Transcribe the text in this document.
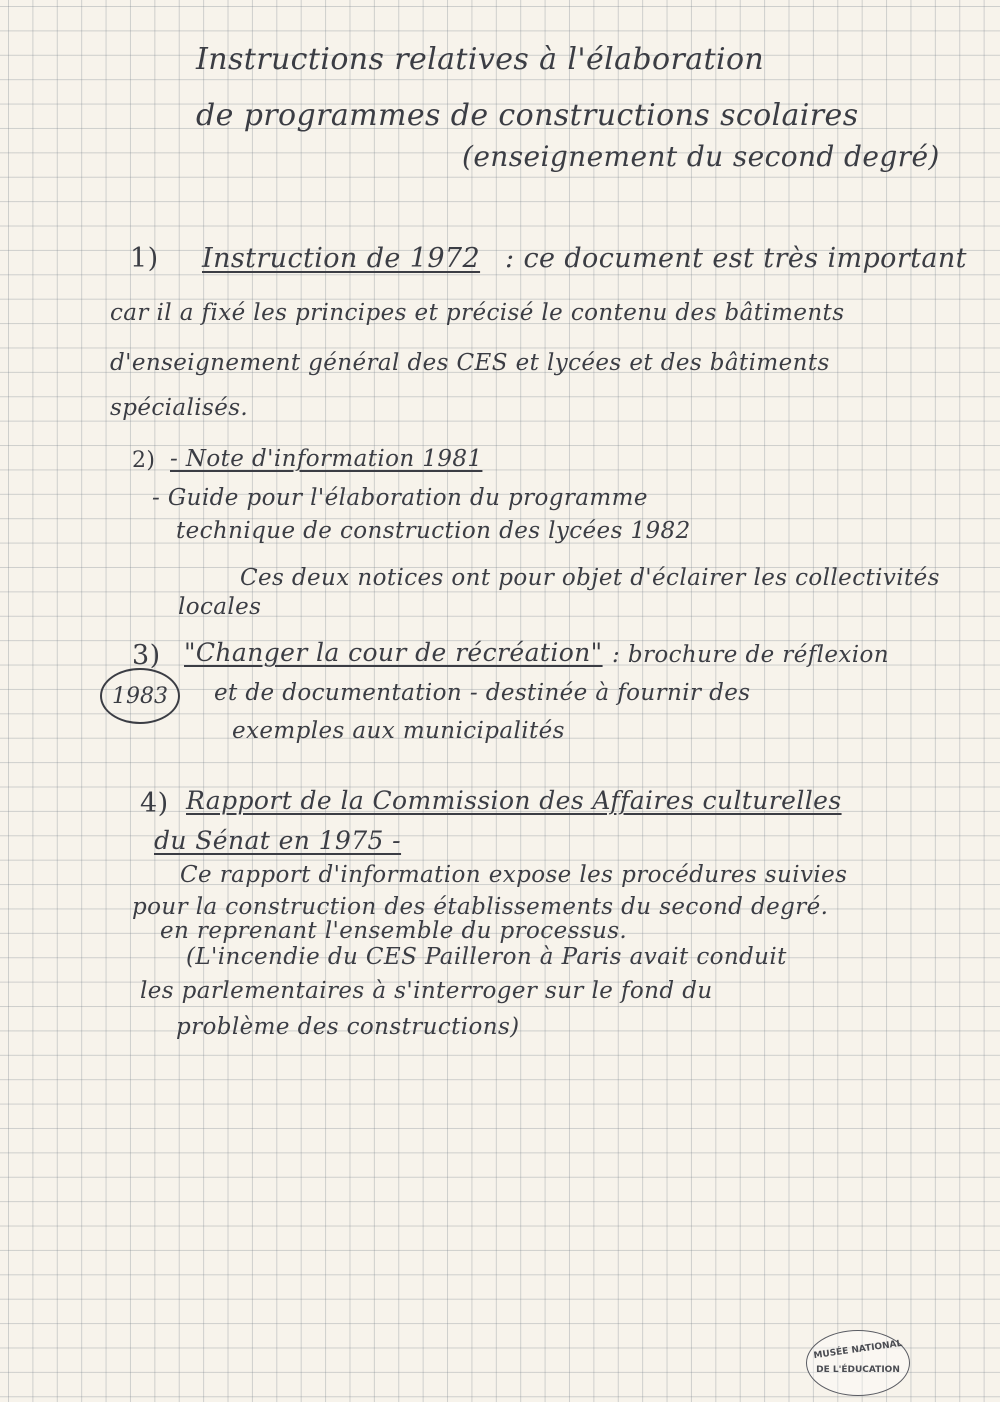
Instructions relatives à l'élaboration
de programmes de constructions scolaires
(enseignement du second degré)
1) Instruction de 1972 : ce document est très important
car il a fixé les principes et précisé le contenu des bâtiments
d'enseignement général des CES et lycées et des bâtiments
spécialisés.
2) - Note d'information 1981
- Guide pour l'élaboration du programme
technique de construction des lycées 1982
Ces deux notices ont pour objet d'éclairer les collectivités
locales
3)
1983
"Changer la cour de récréation" : brochure de réflexion
et de documentation - destinée à fournir des
exemples aux municipalités
4) Rapport de la Commission des Affaires culturelles
du Sénat en 1975 -
Ce rapport d'information expose les procédures suivies
pour la construction des établissements du second degré.
en reprenant l'ensemble du processus.
(L'incendie du CES Pailleron à Paris avait conduit
les parlementaires à s'interroger sur le fond du
problème des constructions)
MUSÉE NATIONAL
DE L'ÉDUCATION
